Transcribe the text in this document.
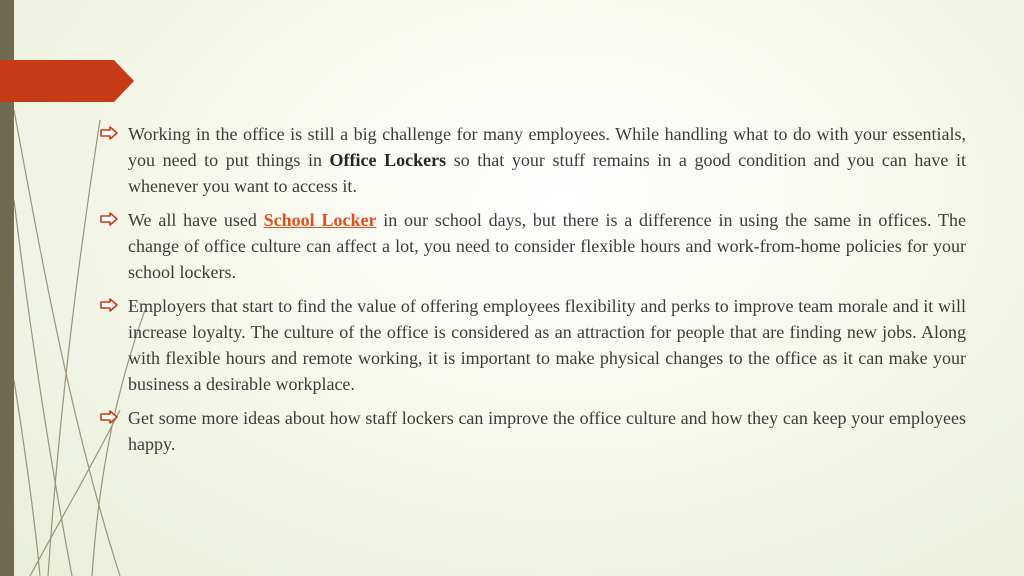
Working in the office is still a big challenge for many employees. While handling what to do with your essentials, you need to put things in Office Lockers so that your stuff remains in a good condition and you can have it whenever you want to access it.
We all have used School Locker in our school days, but there is a difference in using the same in offices. The change of office culture can affect a lot, you need to consider flexible hours and work-from-home policies for your school lockers.
Employers that start to find the value of offering employees flexibility and perks to improve team morale and it will increase loyalty. The culture of the office is considered as an attraction for people that are finding new jobs. Along with flexible hours and remote working, it is important to make physical changes to the office as it can make your business a desirable workplace.
Get some more ideas about how staff lockers can improve the office culture and how they can keep your employees happy.
